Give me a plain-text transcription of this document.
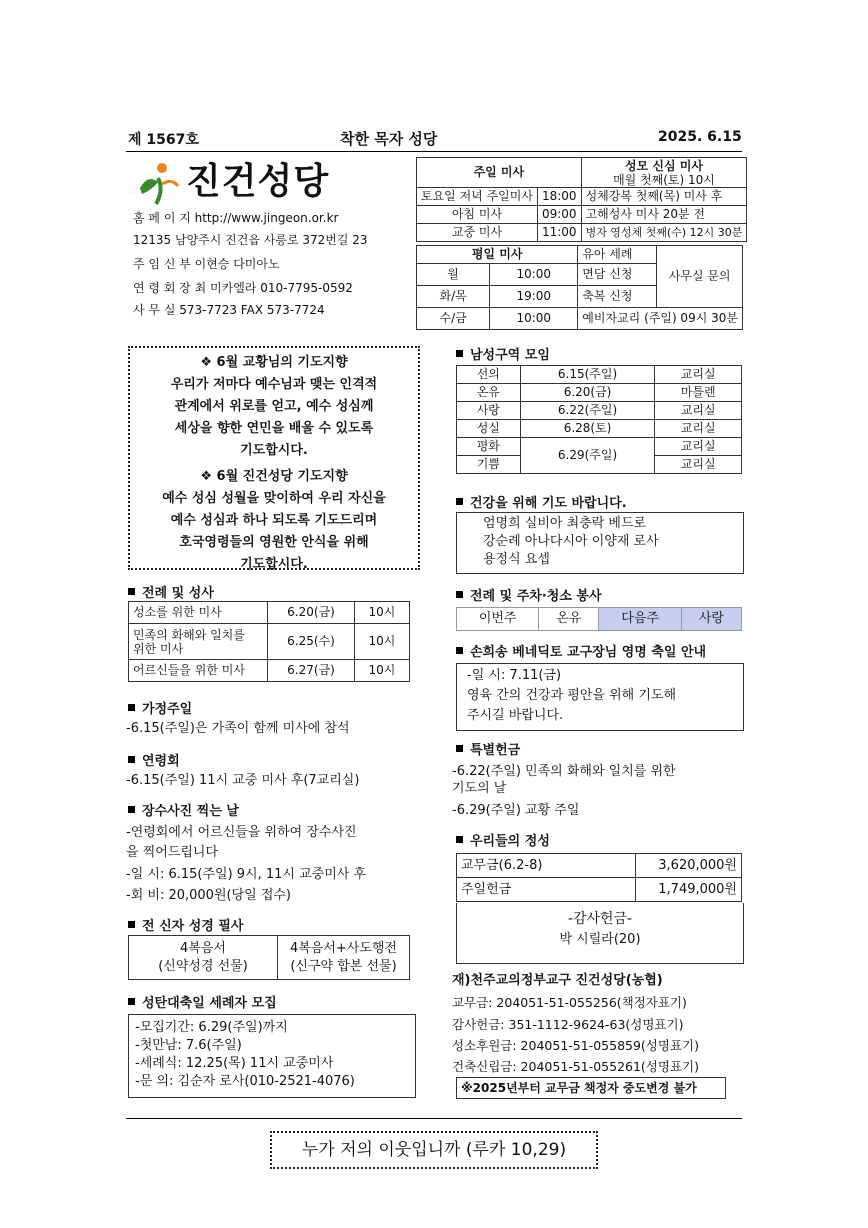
제 1567호	착한 목자 성당	2025. 6.15
진건성당
홈 페 이 지 http://www.jingeon.or.kr
12135 남양주시 진건읍 사릉로 372번길 23
주 임 신 부 이현승 다미아노
연 령 회 장 최 미카엘라 010-7795-0592
사 무 실 573-7723 FAX 573-7724
주일 미사		성모 신심 미사
매월 첫째(토) 10시

토요일 저녁 주일미사	18:00	성체강복 첫째(목) 미사 후
아침 미사	09:00	고해성사 미사 20분 전
교중 미사	11:00	병자 영성체 첫째(수) 12시 30분
평일 미사		유아 세례	사무실 문의
월	10:00	면담 신청	
화/목	19:00	축복 신청	
수/금	10:00	예비자교리 (주일) 09시 30분	
❖ 6월 교황님의 기도지향
우리가 저마다 예수님과 맺는 인격적
관계에서 위로를 얻고, 예수 성심께
세상을 향한 연민을 배울 수 있도록
기도합시다.
❖ 6월 진건성당 기도지향
예수 성심 성월을 맞이하여 우리 자신을
예수 성심과 하나 되도록 기도드리며
호국영령들의 영원한 안식을 위해
기도합시다.
전례 및 성사
성소를 위한 미사	6.20(금)	10시

민족의 화해와 일치를
위한 미사	6.25(수)	10시
어르신들을 위한 미사	6.27(금)	10시
가정주일
-6.15(주일)은 가족이 함께 미사에 참석
연령회
-6.15(주일) 11시 교중 미사 후(7교리실)
장수사진 찍는 날
-연령회에서 어르신들을 위하여 장수사진
을 찍어드립니다
-일 시: 6.15(주일) 9시, 11시 교중미사 후
-회 비: 20,000원(당일 접수)
전 신자 성경 필사
4복음서
(신약성경 선물)

4복음서+사도행전
(신구약 합본 선물)
성탄대축일 세례자 모집
-모집기간: 6.29(주일)까지
-첫만남: 7.6(주일)
-세례식: 12.25(목) 11시 교중미사
-문 의: 김순자 로사(010-2521-4076)
남성구역 모임
선의	6.15(주일)	교리실
온유	6.20(금)	마틀렌
사랑	6.22(주일)	교리실
성실	6.28(토)	교리실
평화	6.29(주일)	교리실
기쁨		교리실
건강을 위해 기도 바랍니다.
엄명희 실비아 최충락 베드로
강순례 아나다시아 이양재 로사
용정식 요셉
전례 및 주차·청소 봉사
이번주	온유	다음주	사랑
손희송 베네딕토 교구장님 영명 축일 안내
-일 시: 7.11(금)
영육 간의 건강과 평안을 위해 기도해
주시길 바랍니다.
특별헌금
-6.22(주일) 민족의 화해와 일치를 위한
기도의 날
-6.29(주일) 교황 주일
우리들의 정성
교무금(6.2-8)	3,620,000원
주일헌금	1,749,000원
-감사헌금-
박 시릴라(20)
재)천주교의정부교구 진건성당(농협)
교무금: 204051-51-055256(책정자표기)
감사헌금: 351-1112-9624-63(성명표기)
성소후원금: 204051-51-055859(성명표기)
건축신립금: 204051-51-055261(성명표기)
※2025년부터 교무금 책정자 중도변경 불가
누가 저의 이웃입니까 (루카 10,29)
